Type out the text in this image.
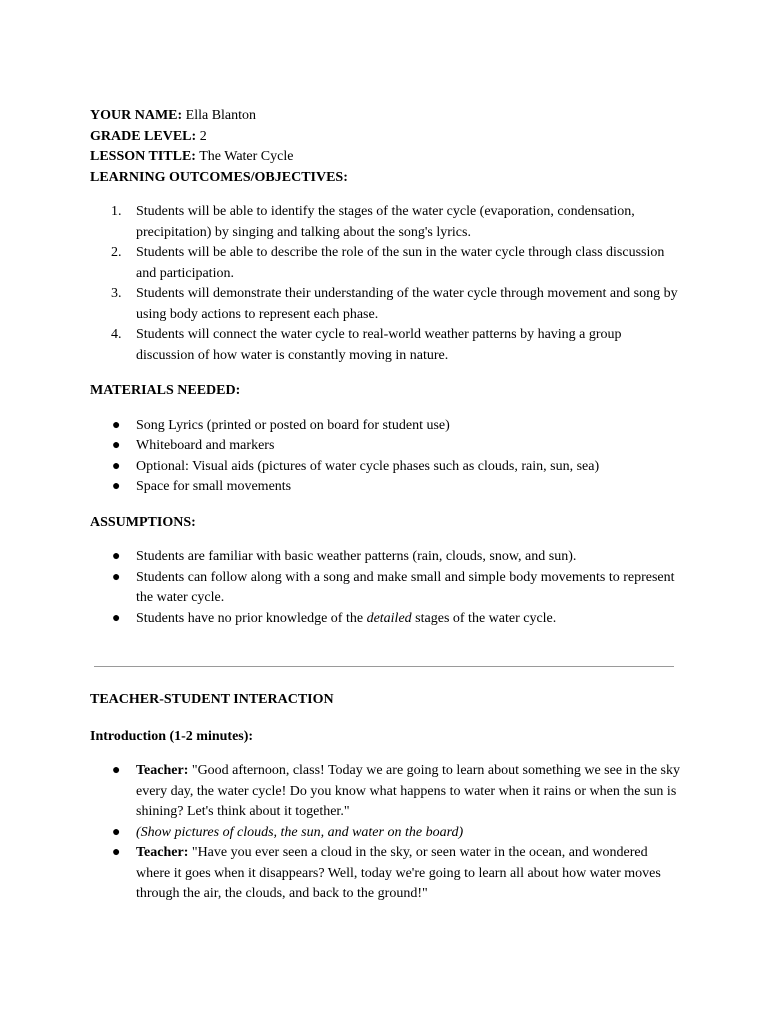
YOUR NAME: Ella Blanton

GRADE LEVEL: 2

LESSON TITLE: The Water Cycle

LEARNING OUTCOMES/OBJECTIVES:

1. Students will be able to identify the stages of the water cycle (evaporation, condensation, precipitation) by singing and talking about the song's lyrics.
2. Students will be able to describe the role of the sun in the water cycle through class discussion and participation.
3. Students will demonstrate their understanding of the water cycle through movement and song by using body actions to represent each phase.
4. Students will connect the water cycle to real-world weather patterns by having a group discussion of how water is constantly moving in nature.

MATERIALS NEEDED:

● Song Lyrics (printed or posted on board for student use)
● Whiteboard and markers
● Optional: Visual aids (pictures of water cycle phases such as clouds, rain, sun, sea)
● Space for small movements

ASSUMPTIONS:

● Students are familiar with basic weather patterns (rain, clouds, snow, and sun).
● Students can follow along with a song and make small and simple body movements to represent the water cycle.
● Students have no prior knowledge of the detailed stages of the water cycle.

TEACHER-STUDENT INTERACTION

Introduction (1-2 minutes):

● Teacher: "Good afternoon, class! Today we are going to learn about something we see in the sky every day, the water cycle! Do you know what happens to water when it rains or when the sun is shining? Let's think about it together."
● (Show pictures of clouds, the sun, and water on the board)
● Teacher: "Have you ever seen a cloud in the sky, or seen water in the ocean, and wondered where it goes when it disappears? Well, today we're going to learn all about how water moves through the air, the clouds, and back to the ground!"
